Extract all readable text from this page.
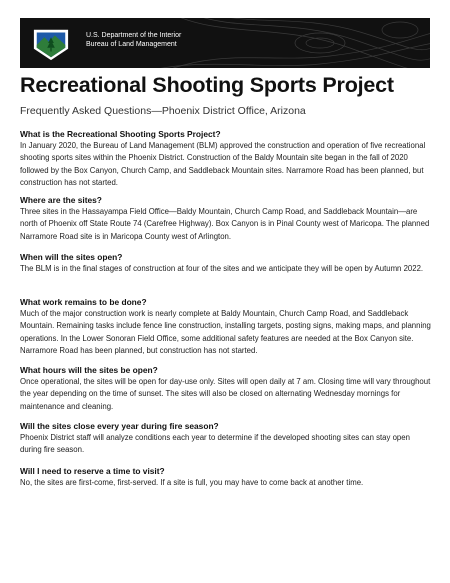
U.S. Department of the Interior
Bureau of Land Management
Recreational Shooting Sports Project
Frequently Asked Questions—Phoenix District Office, Arizona
What is the Recreational Shooting Sports Project?
In January 2020, the Bureau of Land Management (BLM) approved the construction and operation of five recreational shooting sports sites within the Phoenix District. Construction of the Baldy Mountain site began in the fall of 2020 followed by the Box Canyon, Church Camp, and Saddleback Mountain sites. Narramore Road has been planned, but construction has not started.
Where are the sites?
Three sites in the Hassayampa Field Office—Baldy Mountain, Church Camp Road, and Saddleback Mountain—are north of Phoenix off State Route 74 (Carefree Highway). Box Canyon is in Pinal County west of Maricopa. The planned Narramore Road site is in Maricopa County west of Arlington.
When will the sites open?
The BLM is in the final stages of construction at four of the sites and we anticipate they will be open by Autumn 2022.
What work remains to be done?
Much of the major construction work is nearly complete at Baldy Mountain, Church Camp Road, and Saddleback Mountain. Remaining tasks include fence line construction, installing targets, posting signs, making maps, and planning operations. In the Lower Sonoran Field Office, some additional safety features are needed at the Box Canyon site. Narramore Road has been planned, but construction has not started.
What hours will the sites be open?
Once operational, the sites will be open for day-use only. Sites will open daily at 7 am. Closing time will vary throughout the year depending on the time of sunset. The sites will also be closed on alternating Wednesday mornings for maintenance and cleaning.
Will the sites close every year during fire season?
Phoenix District staff will analyze conditions each year to determine if the developed shooting sites can stay open during fire season.
Will I need to reserve a time to visit?
No, the sites are first-come, first-served. If a site is full, you may have to come back at another time.
